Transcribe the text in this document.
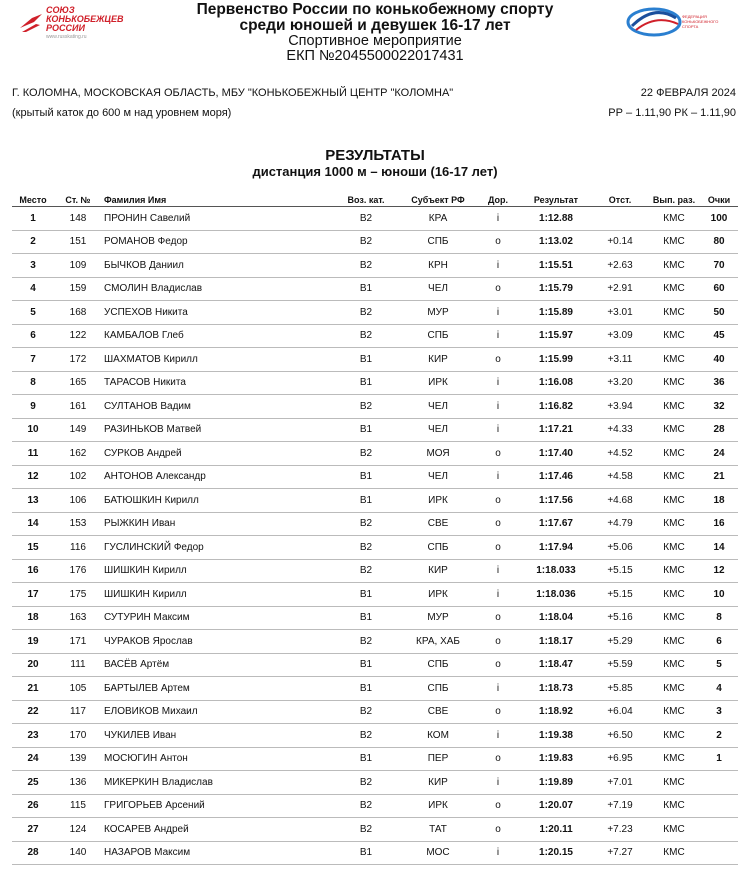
СОЮЗ
КОНЬКОБЕЖЦЕВ
РОССИИ
www.russkating.ru
Первенство России по конькобежному спорту
среди юношей и девушек 16-17 лет
Спортивное мероприятие
ЕКП №2045500022017431
ФЕДЕРАЦИЯ КОНЬКОБЕЖНОГО СПОРТА
Г. КОЛОМНА, МОСКОВСКАЯ ОБЛАСТЬ, МБУ "КОНЬКОБЕЖНЫЙ ЦЕНТР "КОЛОМНА"
(крытый каток до 600 м над уровнем моря)
22 ФЕВРАЛЯ 2024
РР – 1.11,90 РК – 1.11,90
РЕЗУЛЬТАТЫ
дистанция 1000 м – юноши (16-17 лет)
Место	Ст. №	Фамилия Имя	Воз. кат.	Субъект РФ	Дор.	Результат	Отст.	Вып. раз.	Очки
1	148	ПРОНИН Савелий	В2	КРА	i	1:12.88		КМС	100
2	151	РОМАНОВ Федор	В2	СПБ	o	1:13.02	+0.14	КМС	80
3	109	БЫЧКОВ Даниил	В2	КРН	i	1:15.51	+2.63	КМС	70
4	159	СМОЛИН Владислав	В1	ЧЕЛ	o	1:15.79	+2.91	КМС	60
5	168	УСПЕХОВ Никита	В2	МУР	i	1:15.89	+3.01	КМС	50
6	122	КАМБАЛОВ Глеб	В2	СПБ	i	1:15.97	+3.09	КМС	45
7	172	ШАХМАТОВ Кирилл	В1	КИР	o	1:15.99	+3.11	КМС	40
8	165	ТАРАСОВ Никита	В1	ИРК	i	1:16.08	+3.20	КМС	36
9	161	СУЛТАНОВ Вадим	В2	ЧЕЛ	i	1:16.82	+3.94	КМС	32
10	149	РАЗИНЬКОВ Матвей	В1	ЧЕЛ	i	1:17.21	+4.33	КМС	28
11	162	СУРКОВ Андрей	В2	МОЯ	o	1:17.40	+4.52	КМС	24
12	102	АНТОНОВ Александр	В1	ЧЕЛ	i	1:17.46	+4.58	КМС	21
13	106	БАТЮШКИН Кирилл	В1	ИРК	o	1:17.56	+4.68	КМС	18
14	153	РЫЖКИН Иван	В2	СВЕ	o	1:17.67	+4.79	КМС	16
15	116	ГУСЛИНСКИЙ Федор	В2	СПБ	o	1:17.94	+5.06	КМС	14
16	176	ШИШКИН Кирилл	В2	КИР	i	1:18.033	+5.15	КМС	12
17	175	ШИШКИН Кирилл	В1	ИРК	i	1:18.036	+5.15	КМС	10
18	163	СУТУРИН Максим	В1	МУР	o	1:18.04	+5.16	КМС	8
19	171	ЧУРАКОВ Ярослав	В2	КРА, ХАБ	o	1:18.17	+5.29	КМС	6
20	111	ВАСЁВ Артём	В1	СПБ	o	1:18.47	+5.59	КМС	5
21	105	БАРТЫЛЕВ Артем	В1	СПБ	i	1:18.73	+5.85	КМС	4
22	117	ЕЛОВИКОВ Михаил	В2	СВЕ	o	1:18.92	+6.04	КМС	3
23	170	ЧУКИЛЕВ Иван	В2	КОМ	i	1:19.38	+6.50	КМС	2
24	139	МОСЮГИН Антон	В1	ПЕР	o	1:19.83	+6.95	КМС	1
25	136	МИКЕРКИН Владислав	В2	КИР	i	1:19.89	+7.01	КМС	
26	115	ГРИГОРЬЕВ Арсений	В2	ИРК	o	1:20.07	+7.19	КМС	
27	124	КОСАРЕВ Андрей	В2	ТАТ	o	1:20.11	+7.23	КМС	
28	140	НАЗАРОВ Максим	В1	МОС	i	1:20.15	+7.27	КМС	
